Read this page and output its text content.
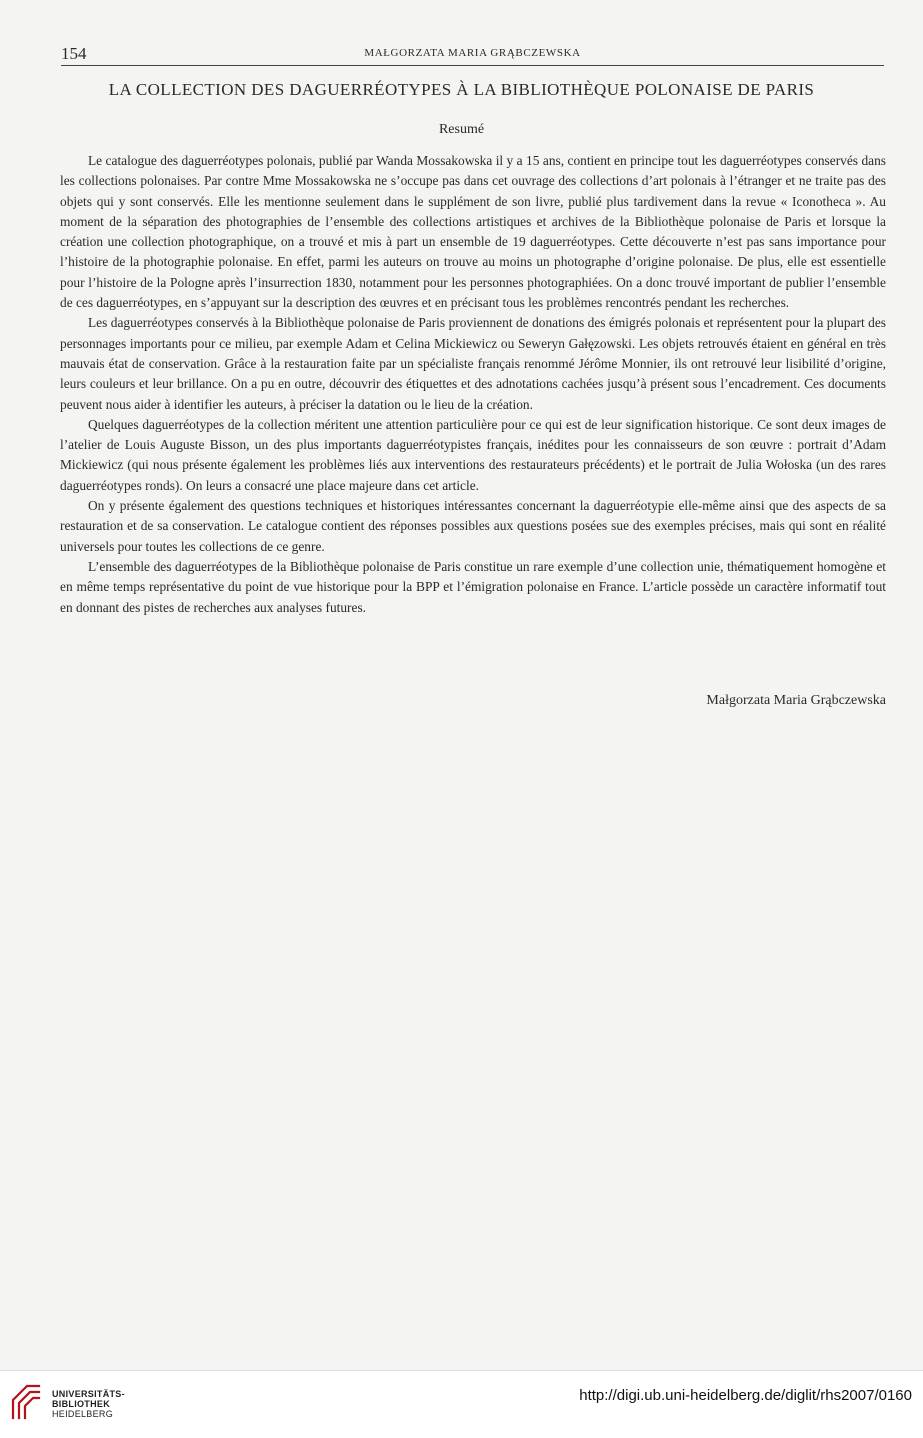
154	MAŁGORZATA MARIA GRĄBCZEWSKA
LA COLLECTION DES DAGUERRÉOTYPES À LA BIBLIOTHÈQUE POLONAISE DE PARIS
Resumé

Le catalogue des daguerréotypes polonais, publié par Wanda Mossakowska il y a 15 ans, contient en principe tout les daguerréotypes conservés dans les collections polonaises. Par contre Mme Mossakowska ne s’occupe pas dans cet ouvrage des collections d’art polonais à l’étranger et ne traite pas des objets qui y sont conservés. Elle les mentionne seulement dans le supplément de son livre, publié plus tardivement dans la revue « Iconotheca ». Au moment de la séparation des photographies de l’ensemble des collections artistiques et archives de la Bibliothèque polonaise de Paris et lorsque la création une collection photographique, on a trouvé et mis à part un ensemble de 19 daguerréotypes. Cette découverte n’est pas sans importance pour l’histoire de la photographie polonaise. En effet, parmi les auteurs on trouve au moins un photographe d’origine polonaise. De plus, elle est essentielle pour l’histoire de la Pologne après l’insurrection 1830, notamment pour les personnes photographiées. On a donc trouvé important de publier l’ensemble de ces daguerréotypes, en s’appuyant sur la description des œuvres et en précisant tous les problèmes rencontrés pendant les recherches.

Les daguerréotypes conservés à la Bibliothèque polonaise de Paris proviennent de donations des émigrés polonais et représentent pour la plupart des personnages importants pour ce milieu, par exemple Adam et Celina Mickiewicz ou Seweryn Gałęzowski. Les objets retrouvés étaient en général en très mauvais état de conservation. Grâce à la restauration faite par un spécialiste français renommé Jérôme Monnier, ils ont retrouvé leur lisibilité d’origine, leurs couleurs et leur brillance. On a pu en outre, découvrir des étiquettes et des adnotations cachées jusqu’à présent sous l’encadrement. Ces documents peuvent nous aider à identifier les auteurs, à préciser la datation ou le lieu de la création.

Quelques daguerréotypes de la collection méritent une attention particulière pour ce qui est de leur signification historique. Ce sont deux images de l’atelier de Louis Auguste Bisson, un des plus importants daguerréotypistes français, inédites pour les connaisseurs de son œuvre : portrait d’Adam Mickiewicz (qui nous présente également les problèmes liés aux interventions des restaurateurs précédents) et le portrait de Julia Wołoska (un des rares daguerréotypes ronds). On leurs a consacré une place majeure dans cet article.

On y présente également des questions techniques et historiques intéressantes concernant la daguerréotypie elle-même ainsi que des aspects de sa restauration et de sa conservation. Le catalogue contient des réponses possibles aux questions posées sue des exemples précises, mais qui sont en réalité universels pour toutes les collections de ce genre.

L’ensemble des daguerréotypes de la Bibliothèque polonaise de Paris constitue un rare exemple d’une collection unie, thématiquement homogène et en même temps représentative du point de vue historique pour la BPP et l’émigration polonaise en France. L’article possède un caractère informatif tout en donnant des pistes de recherches aux analyses futures.

Małgorzata Maria Grąbczewska
UNIVERSITÄTS-
BIBLIOTHEK
HEIDELBERG
http://digi.ub.uni-heidelberg.de/diglit/rhs2007/0160
